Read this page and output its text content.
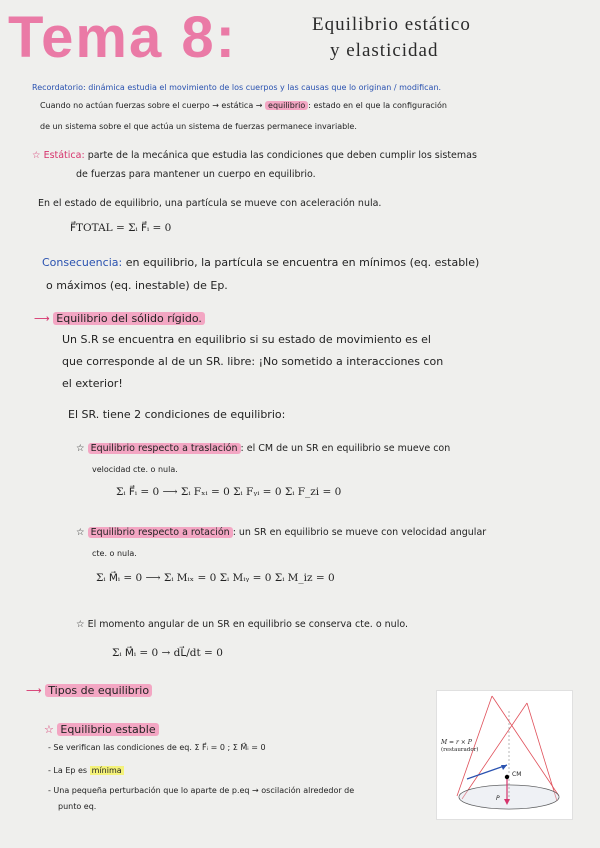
Tema 8:	Equilibrio estático
y elasticidad
Recordatorio: dinámica estudia el movimiento de los cuerpos y las causas que lo originan / modifican.
Cuando no actúan fuerzas sobre el cuerpo → estática → equilibrio : estado en el que la configuración
de un sistema sobre el que actúa un sistema de fuerzas permanece invariable.
☆ Estática: parte de la mecánica que estudia las condiciones que deben cumplir los sistemas
de fuerzas para mantener un cuerpo en equilibrio.
En el estado de equilibrio, una partícula se mueve con aceleración nula.
F⃗TOTAL = Σᵢ F⃗ᵢ = 0
Consecuencia: en equilibrio, la partícula se encuentra en mínimos (eq. estable)
o máximos (eq. inestable) de Ep.
⟶ Equilibrio del sólido rígido.
Un S.R se encuentra en equilibrio si su estado de movimiento es el
que corresponde al de un SR. libre: ¡No sometido a interacciones con
el exterior!
El SR. tiene 2 condiciones de equilibrio:
☆ Equilibrio respecto a traslación : el CM de un SR en equilibrio se mueve con
velocidad cte. o nula.
Σᵢ F⃗ᵢ = 0 ⟶ Σᵢ Fₓᵢ = 0 Σᵢ Fᵧᵢ = 0 Σᵢ F_zi = 0
☆ Equilibrio respecto a rotación : un SR en equilibrio se mueve con velocidad angular
cte. o nula.
Σᵢ M⃗ᵢ = 0 ⟶ Σᵢ Mᵢₓ = 0 Σᵢ Mᵢᵧ = 0 Σᵢ M_iz = 0
☆ El momento angular de un SR en equilibrio se conserva cte. o nulo.
Σᵢ M⃗ᵢ = 0 → dL⃗/dt = 0
⟶ Tipos de equilibrio
☆ Equilibrio estable
- Se verifican las condiciones de eq. Σ F⃗ᵢ = 0 ; Σ M⃗ᵢ = 0
- La Ep es mínima
- Una pequeña perturbación que lo aparte de p.eq → oscilación alrededor de
punto eq.
M = r × P
(restaurador)
CM
P
